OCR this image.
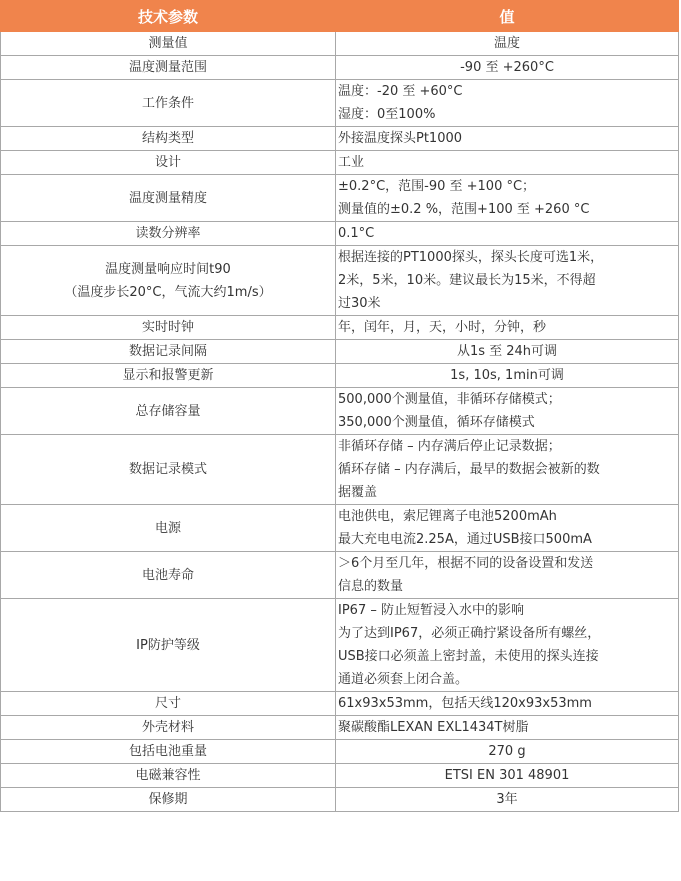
技术参数	值
测量值	温度
温度测量范围	-90 至 +260°C
工作条件	温度：-20 至 +60°C
湿度：0至100%

结构类型	外接温度探头Pt1000
设计	工业
温度测量精度	±0.2°C，范围-90 至 +100 °C；
测量值的±0.2 %，范围+100 至 +260 °C

读数分辨率	0.1°C

温度测量响应时间t90
（温度步长20°C，气流大约1m/s）	根据连接的PT1000探头，探头长度可选1米，
2米，5米，10米。建议最长为15米，不得超
过30米

实时时钟	年，闰年，月，天，小时，分钟，秒
数据记录间隔	从1s 至 24h可调
显示和报警更新	1s, 10s, 1min可调
总存储容量	500,000个测量值，非循环存储模式；
350,000个测量值，循环存储模式

数据记录模式	非循环存储 – 内存满后停止记录数据；
循环存储 – 内存满后，最早的数据会被新的数
据覆盖

电源	电池供电，索尼锂离子电池5200mAh
最大充电电流2.25A，通过USB接口500mA

电池寿命	＞6个月至几年，根据不同的设备设置和发送
信息的数量

IP防护等级	IP67 – 防止短暂浸入水中的影响
为了达到IP67，必须正确拧紧设备所有螺丝，
USB接口必须盖上密封盖，未使用的探头连接
通道必须套上闭合盖。

尺寸	61x93x53mm，包括天线120x93x53mm
外壳材料	聚碳酸酯LEXAN EXL1434T树脂
包括电池重量	270 g
电磁兼容性	ETSI EN 301 48901
保修期	3年
